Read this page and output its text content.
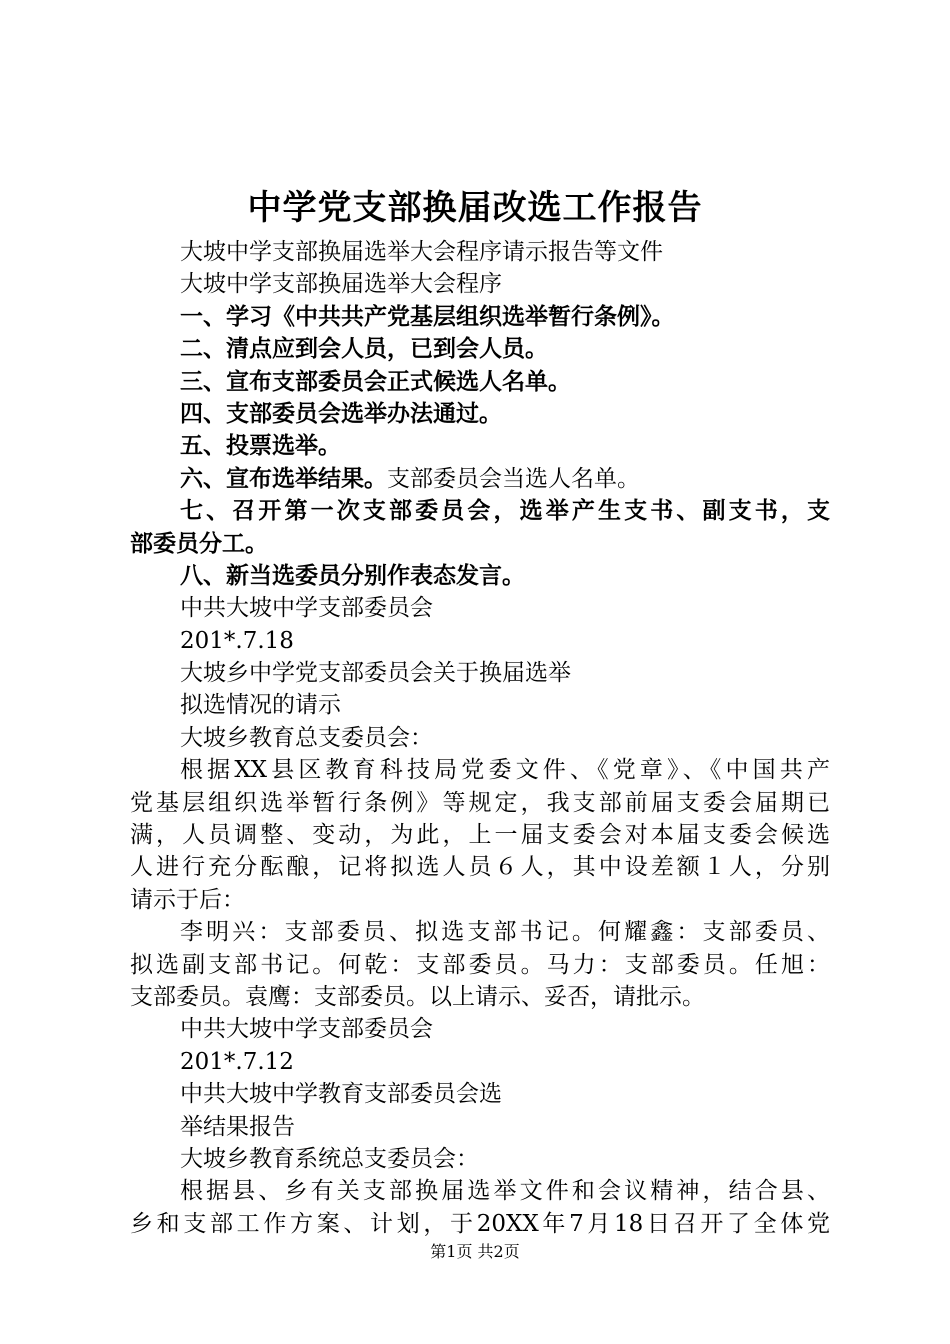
中学党支部换届改选工作报告
大坡中学支部换届选举大会程序请示报告等文件
大坡中学支部换届选举大会程序
一、学习《中共共产党基层组织选举暂行条例》。
二、清点应到会人员，已到会人员。
三、宣布支部委员会正式候选人名单。
四、支部委员会选举办法通过。
五、投票选举。
六、宣布选举结果。支部委员会当选人名单。
七、召开第一次支部委员会，选举产生支书、副支书，支
部委员分工。
八、新当选委员分别作表态发言。
中共大坡中学支部委员会
201*.7.18
大坡乡中学党支部委员会关于换届选举
拟选情况的请示
大坡乡教育总支委员会：
根据XX县区教育科技局党委文件、《党章》、《中国共产
党基层组织选举暂行条例》等规定，我支部前届支委会届期已
满，人员调整、变动，为此，上一届支委会对本届支委会候选
人进行充分酝酿，记将拟选人员６人，其中设差额１人，分别
请示于后：
李明兴：支部委员、拟选支部书记。何耀鑫：支部委员、
拟选副支部书记。何乾：支部委员。马力：支部委员。任旭：
支部委员。袁鹰：支部委员。以上请示、妥否，请批示。
中共大坡中学支部委员会
201*.7.12
中共大坡中学教育支部委员会选
举结果报告
大坡乡教育系统总支委员会：
根据县、乡有关支部换届选举文件和会议精神，结合县、
乡和支部工作方案、计划，于20XX年7月18日召开了全体党
第1页 共2页
